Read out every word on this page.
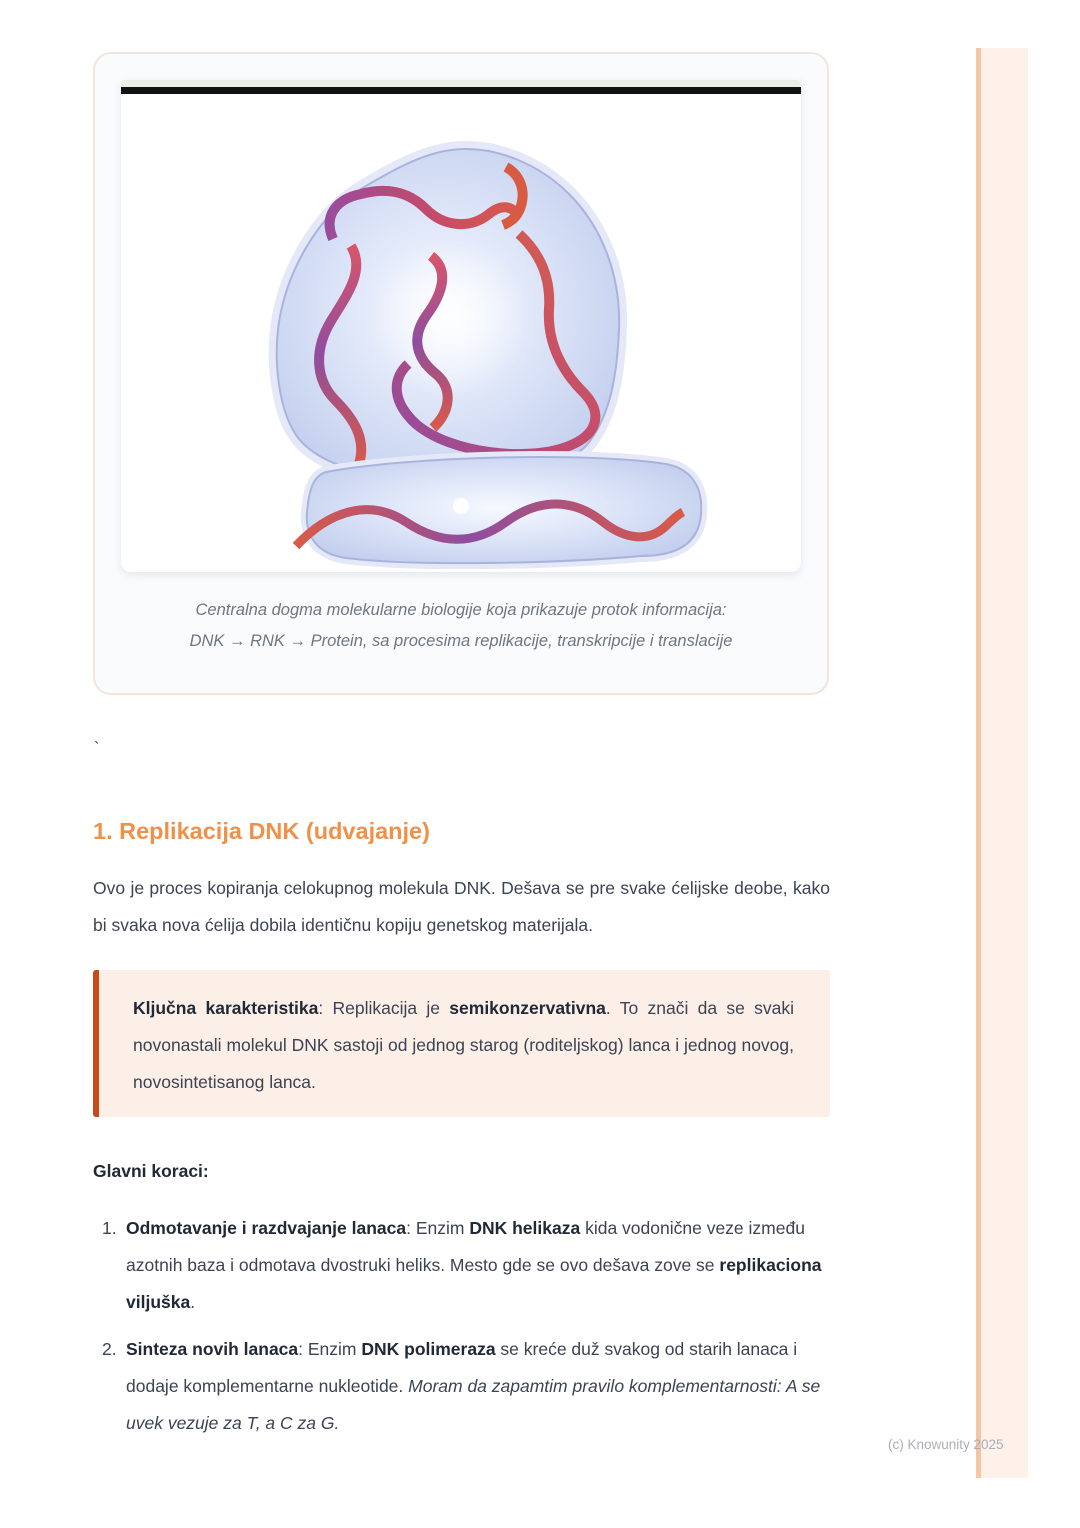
Centralna dogma molekularne biologije koja prikazuje protok informacija:
DNK → RNK → Protein, sa procesima replikacije, transkripcije i translacije
`
1. Replikacija DNK (udvajanje)

Ovo je proces kopiranja celokupnog molekula DNK. Dešava se pre svake ćelijske deobe, kako bi svaka nova ćelija dobila identičnu kopiju genetskog materijala.

Ključna karakteristika: Replikacija je semikonzervativna. To znači da se svaki novonastali molekul DNK sastoji od jednog starog (roditeljskog) lanca i jednog novog, novosintetisanog lanca.
Glavni koraci:
1. Odmotavanje i razdvajanje lanaca: Enzim DNK helikaza kida vodonične veze između azotnih baza i odmotava dvostruki heliks. Mesto gde se ovo dešava zove se replikaciona viljuška.
2. Sinteza novih lanaca: Enzim DNK polimeraza se kreće duž svakog od starih lanaca i dodaje komplementarne nukleotide. Moram da zapamtim pravilo komplementarnosti: A se uvek vezuje za T, a C za G.
(c) Knowunity 2025
